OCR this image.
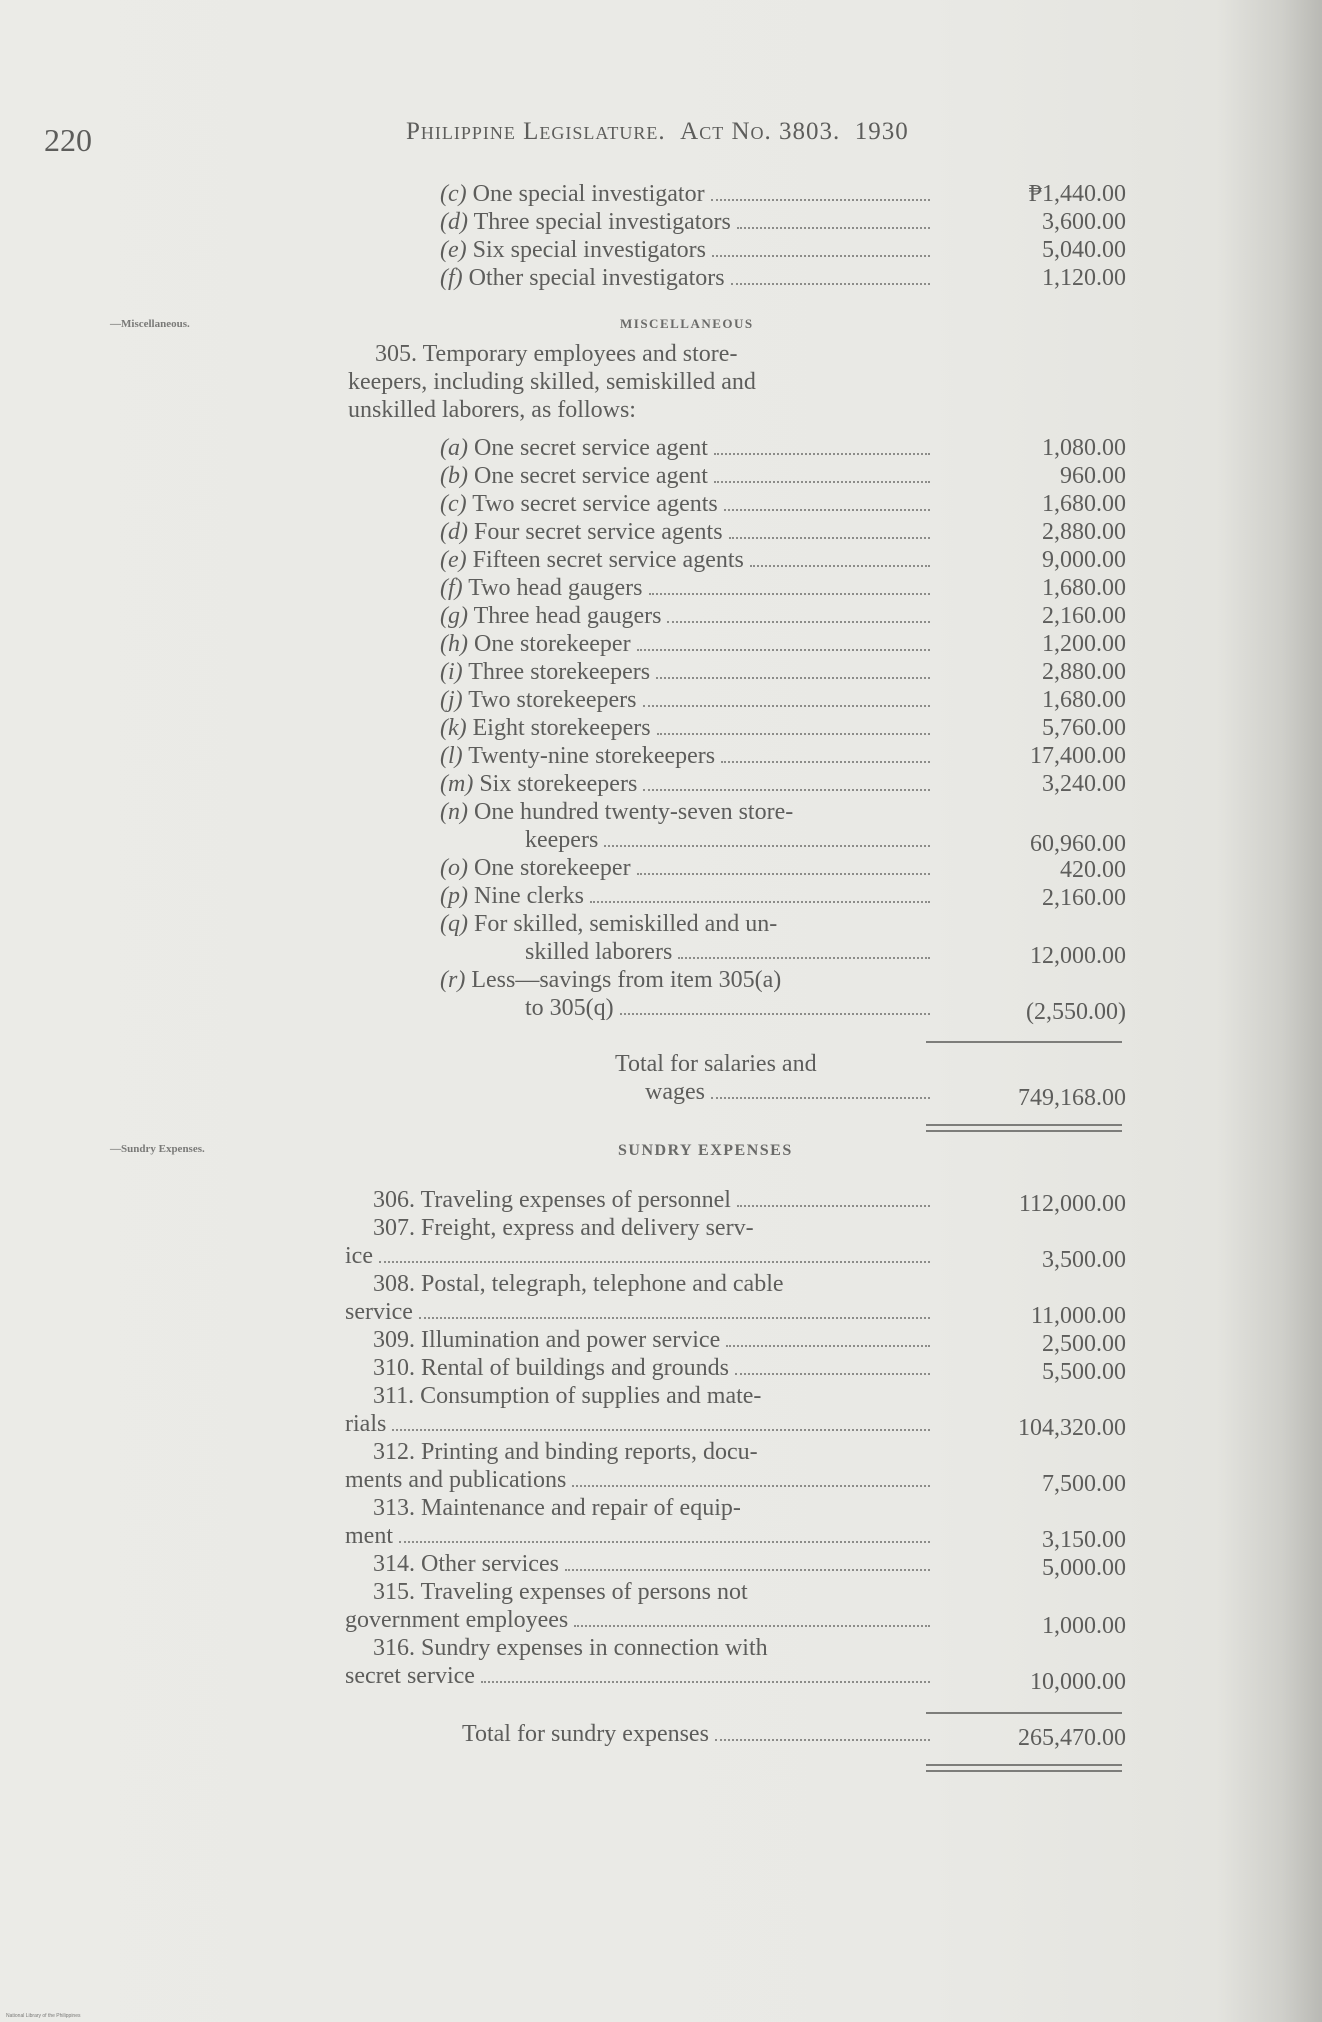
220	Philippine Legislature. Act No. 3803. 1930
(c) One special investigator	₱1,440.00
(d) Three special investigators	3,600.00
(e) Six special investigators	5,040.00
(f) Other special investigators	1,120.00
—Miscellaneous.	MISCELLANEOUS
305. Temporary employees and store-
keepers, including skilled, semiskilled and
unskilled laborers, as follows:
(a) One secret service agent	1,080.00
(b) One secret service agent	960.00
(c) Two secret service agents	1,680.00
(d) Four secret service agents	2,880.00
(e) Fifteen secret service agents	9,000.00
(f) Two head gaugers	1,680.00
(g) Three head gaugers	2,160.00
(h) One storekeeper	1,200.00
(i) Three storekeepers	2,880.00
(j) Two storekeepers	1,680.00
(k) Eight storekeepers	5,760.00
(l) Twenty-nine storekeepers	17,400.00
(m) Six storekeepers	3,240.00
(n) One hundred twenty-seven store-
keepers	60,960.00
(o) One storekeeper	420.00
(p) Nine clerks	2,160.00
(q) For skilled, semiskilled and un-
skilled laborers	12,000.00
(r) Less—savings from item 305(a)
to 305(q)	(2,550.00)
Total for salaries and
wages	749,168.00
—Sundry Expenses.	SUNDRY EXPENSES
306. Traveling expenses of personnel	112,000.00
307. Freight, express and delivery serv-
ice	3,500.00
308. Postal, telegraph, telephone and cable
service	11,000.00
309. Illumination and power service	2,500.00
310. Rental of buildings and grounds	5,500.00
311. Consumption of supplies and mate-
rials	104,320.00
312. Printing and binding reports, docu-
ments and publications	7,500.00
313. Maintenance and repair of equip-
ment	3,150.00
314. Other services	5,000.00
315. Traveling expenses of persons not
government employees	1,000.00
316. Sundry expenses in connection with
secret service	10,000.00
Total for sundry expenses	265,470.00
National Library of the Philippines
